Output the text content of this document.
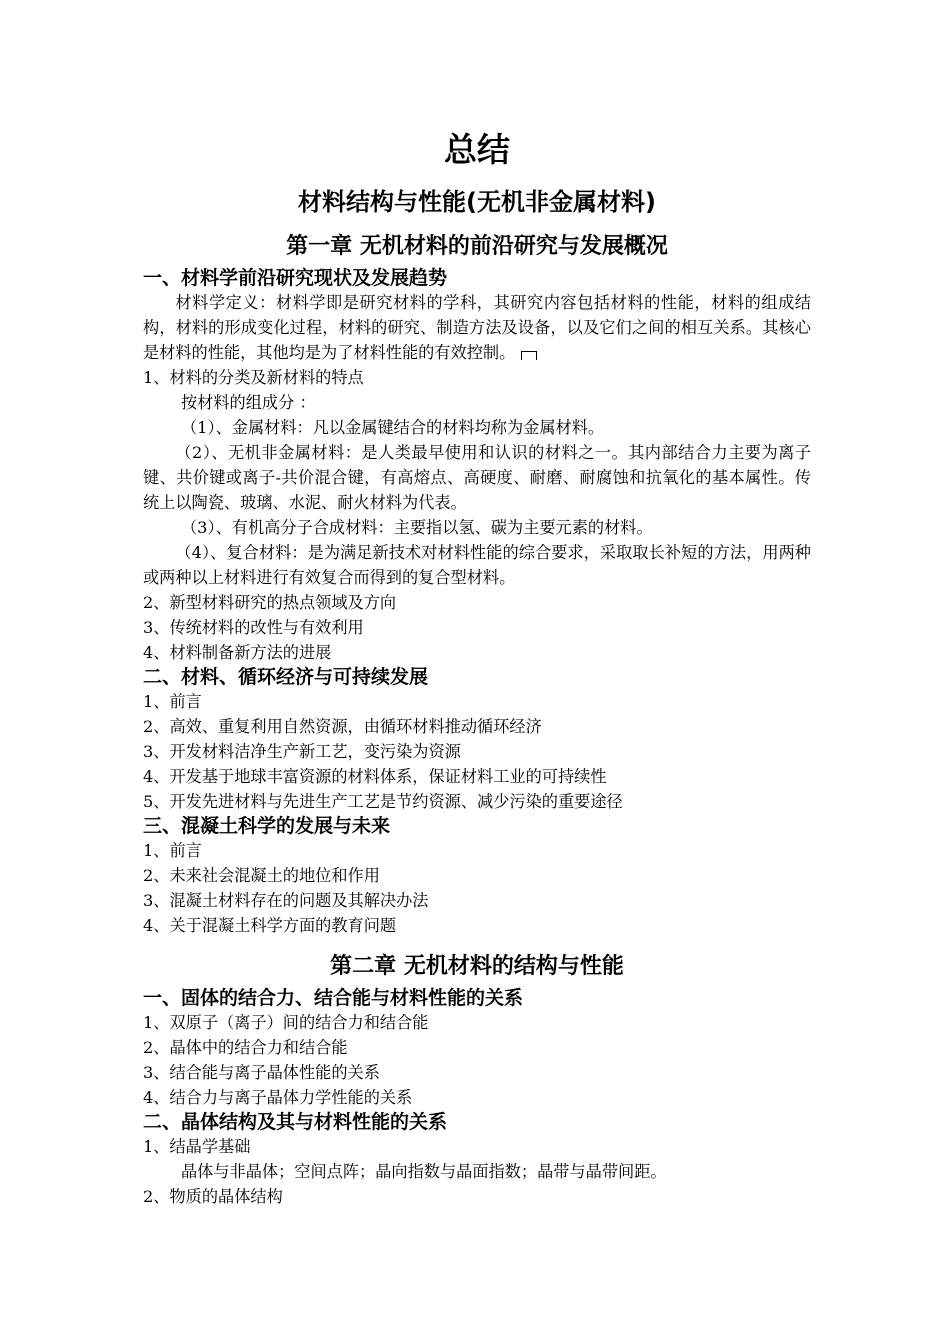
总结
材料结构与性能(无机非金属材料)
第一章 无机材料的前沿研究与发展概况
一、材料学前沿研究现状及发展趋势

材料学定义：材料学即是研究材料的学科，其研究内容包括材料的性能，材料的组成结构，材料的形成变化过程，材料的研究、制造方法及设备，以及它们之间的相互关系。其核心是材料的性能，其他均是为了材料性能的有效控制。

1、材料的分类及新材料的特点
按材料的组成分 ：
（1）、金属材料：凡以金属键结合的材料均称为金属材料。

（2）、无机非金属材料：是人类最早使用和认识的材料之一。其内部结合力主要为离子键、共价键或离子-共价混合键，有高熔点、高硬度、耐磨、耐腐蚀和抗氧化的基本属性。传统上以陶瓷、玻璃、水泥、耐火材料为代表。

（3）、有机高分子合成材料：主要指以氢、碳为主要元素的材料。

（4）、复合材料：是为满足新技术对材料性能的综合要求，采取取长补短的方法，用两种或两种以上材料进行有效复合而得到的复合型材料。

2、新型材料研究的热点领域及方向
3、传统材料的改性与有效利用
4、材料制备新方法的进展
二、材料、循环经济与可持续发展
1、前言
2、高效、重复利用自然资源，由循环材料推动循环经济
3、开发材料洁净生产新工艺，变污染为资源
4、开发基于地球丰富资源的材料体系，保证材料工业的可持续性
5、开发先进材料与先进生产工艺是节约资源、减少污染的重要途径
三、混凝土科学的发展与未来
1、前言
2、未来社会混凝土的地位和作用
3、混凝土材料存在的问题及其解决办法
4、关于混凝土科学方面的教育问题
第二章 无机材料的结构与性能
一、固体的结合力、结合能与材料性能的关系
1、双原子（离子）间的结合力和结合能
2、晶体中的结合力和结合能
3、结合能与离子晶体性能的关系
4、结合力与离子晶体力学性能的关系
二、晶体结构及其与材料性能的关系
1、结晶学基础
晶体与非晶体；空间点阵；晶向指数与晶面指数；晶带与晶带间距。
2、物质的晶体结构
